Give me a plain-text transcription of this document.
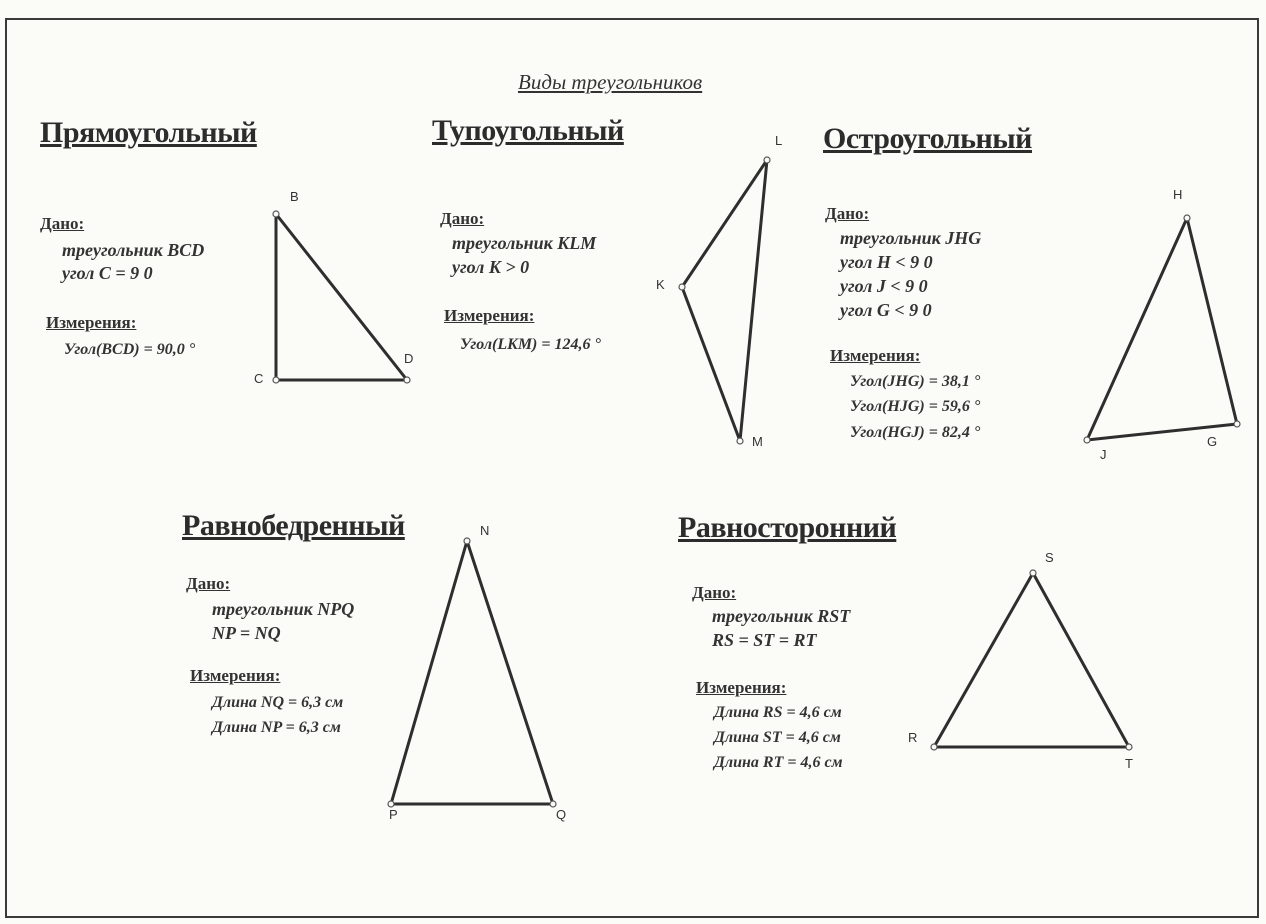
Виды треугольников
Прямоугольный
Дано:
треугольник BCD
угол C = 9 0
Измерения:
Угол(BCD) = 90,0 °
B
C
D
Тупоугольный
Дано:
треугольник KLM
угол K > 0
Измерения:
Угол(LKM) = 124,6 °
L
K
M
Остроугольный
Дано:
треугольник JHG
угол H < 9 0
угол J < 9 0
угол G < 9 0
Измерения:
Угол(JHG) = 38,1 °
Угол(HJG) = 59,6 °
Угол(HGJ) = 82,4 °
H
J
G
Равнобедренный
Дано:
треугольник NPQ
NP = NQ
Измерения:
Длина NQ = 6,3 см
Длина NP = 6,3 см
N
P	Q
Равносторонний
Дано:
треугольник RST
RS = ST = RT
Измерения:
Длина RS = 4,6 см
Длина ST = 4,6 см
Длина RT = 4,6 см
S
R
T
